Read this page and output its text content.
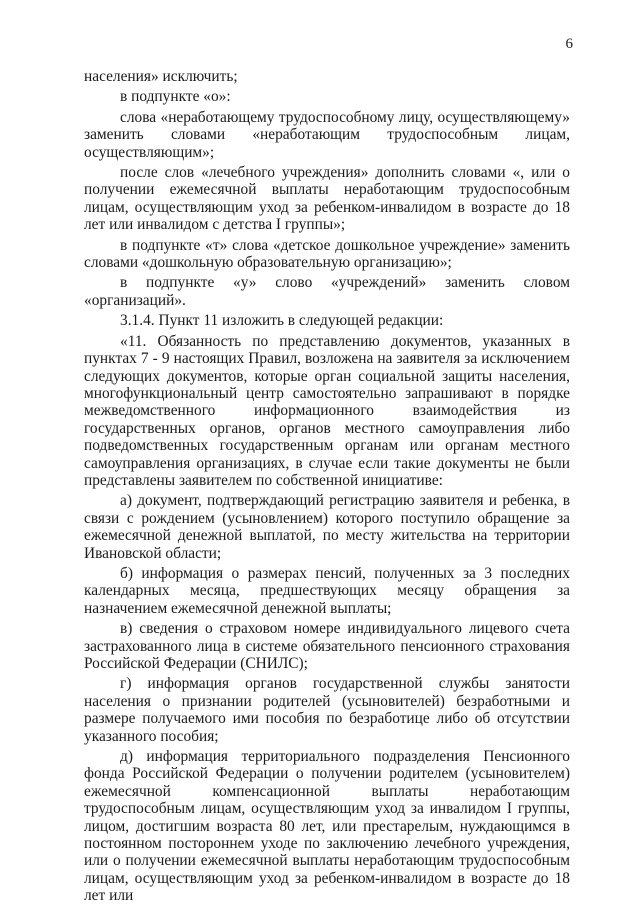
6

населения» исключить;

в подпункте «о»:

слова «неработающему трудоспособному лицу, осуществляющему» заменить словами «неработающим трудоспособным лицам, осуществляющим»;

после слов «лечебного учреждения» дополнить словами «, или о получении ежемесячной выплаты неработающим трудоспособным лицам, осуществляющим уход за ребенком-инвалидом в возрасте до 18 лет или инвалидом с детства I группы»;

в подпункте «т» слова «детское дошкольное учреждение» заменить словами «дошкольную образовательную организацию»;

в подпункте «у» слово «учреждений» заменить словом «организаций».

3.1.4. Пункт 11 изложить в следующей редакции:

«11. Обязанность по представлению документов, указанных в пунктах 7 - 9 настоящих Правил, возложена на заявителя за исключением следующих документов, которые орган социальной защиты населения, многофункциональный центр самостоятельно запрашивают в порядке межведомственного информационного взаимодействия из государственных органов, органов местного самоуправления либо подведомственных государственным органам или органам местного самоуправления организациях, в случае если такие документы не были представлены заявителем по собственной инициативе:

а) документ, подтверждающий регистрацию заявителя и ребенка, в связи с рождением (усыновлением) которого поступило обращение за ежемесячной денежной выплатой, по месту жительства на территории Ивановской области;

б) информация о размерах пенсий, полученных за 3 последних календарных месяца, предшествующих месяцу обращения за назначением ежемесячной денежной выплаты;

в) сведения о страховом номере индивидуального лицевого счета застрахованного лица в системе обязательного пенсионного страхования Российской Федерации (СНИЛС);

г) информация органов государственной службы занятости населения о признании родителей (усыновителей) безработными и размере получаемого ими пособия по безработице либо об отсутствии указанного пособия;

д) информация территориального подразделения Пенсионного фонда Российской Федерации о получении родителем (усыновителем) ежемесячной компенсационной выплаты неработающим трудоспособным лицам, осуществляющим уход за инвалидом I группы, лицом, достигшим возраста 80 лет, или престарелым, нуждающимся в постоянном постороннем уходе по заключению лечебного учреждения, или о получении ежемесячной выплаты неработающим трудоспособным лицам, осуществляющим уход за ребенком-инвалидом в возрасте до 18 лет или
